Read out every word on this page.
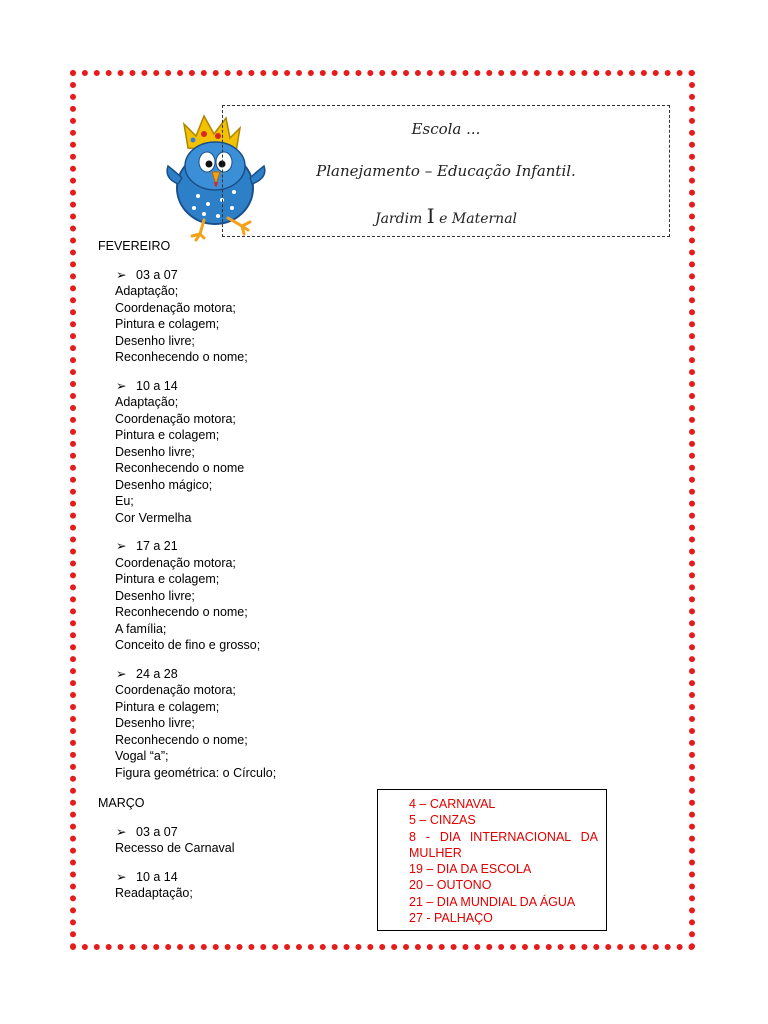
Escola ...
Planejamento – Educação Infantil.
Jardim I e Maternal
FEVEREIRO
➢ 03 a 07
Adaptação;
Coordenação motora;
Pintura e colagem;
Desenho livre;
Reconhecendo o nome;
➢ 10 a 14
Adaptação;
Coordenação motora;
Pintura e colagem;
Desenho livre;
Reconhecendo o nome
Desenho mágico;
Eu;
Cor Vermelha
➢ 17 a 21
Coordenação motora;
Pintura e colagem;
Desenho livre;
Reconhecendo o nome;
A família;
Conceito de fino e grosso;
➢ 24 a 28
Coordenação motora;
Pintura e colagem;
Desenho livre;
Reconhecendo o nome;
Vogal “a”;
Figura geométrica: o Círculo;
MARÇO
➢ 03 a 07
Recesso de Carnaval
➢ 10 a 14
Readaptação;
4 – CARNAVAL
5 – CINZAS
8 - DIA INTERNACIONAL DA
MULHER
19 – DIA DA ESCOLA
20 – OUTONO
21 – DIA MUNDIAL DA ÁGUA
27 - PALHAÇO
